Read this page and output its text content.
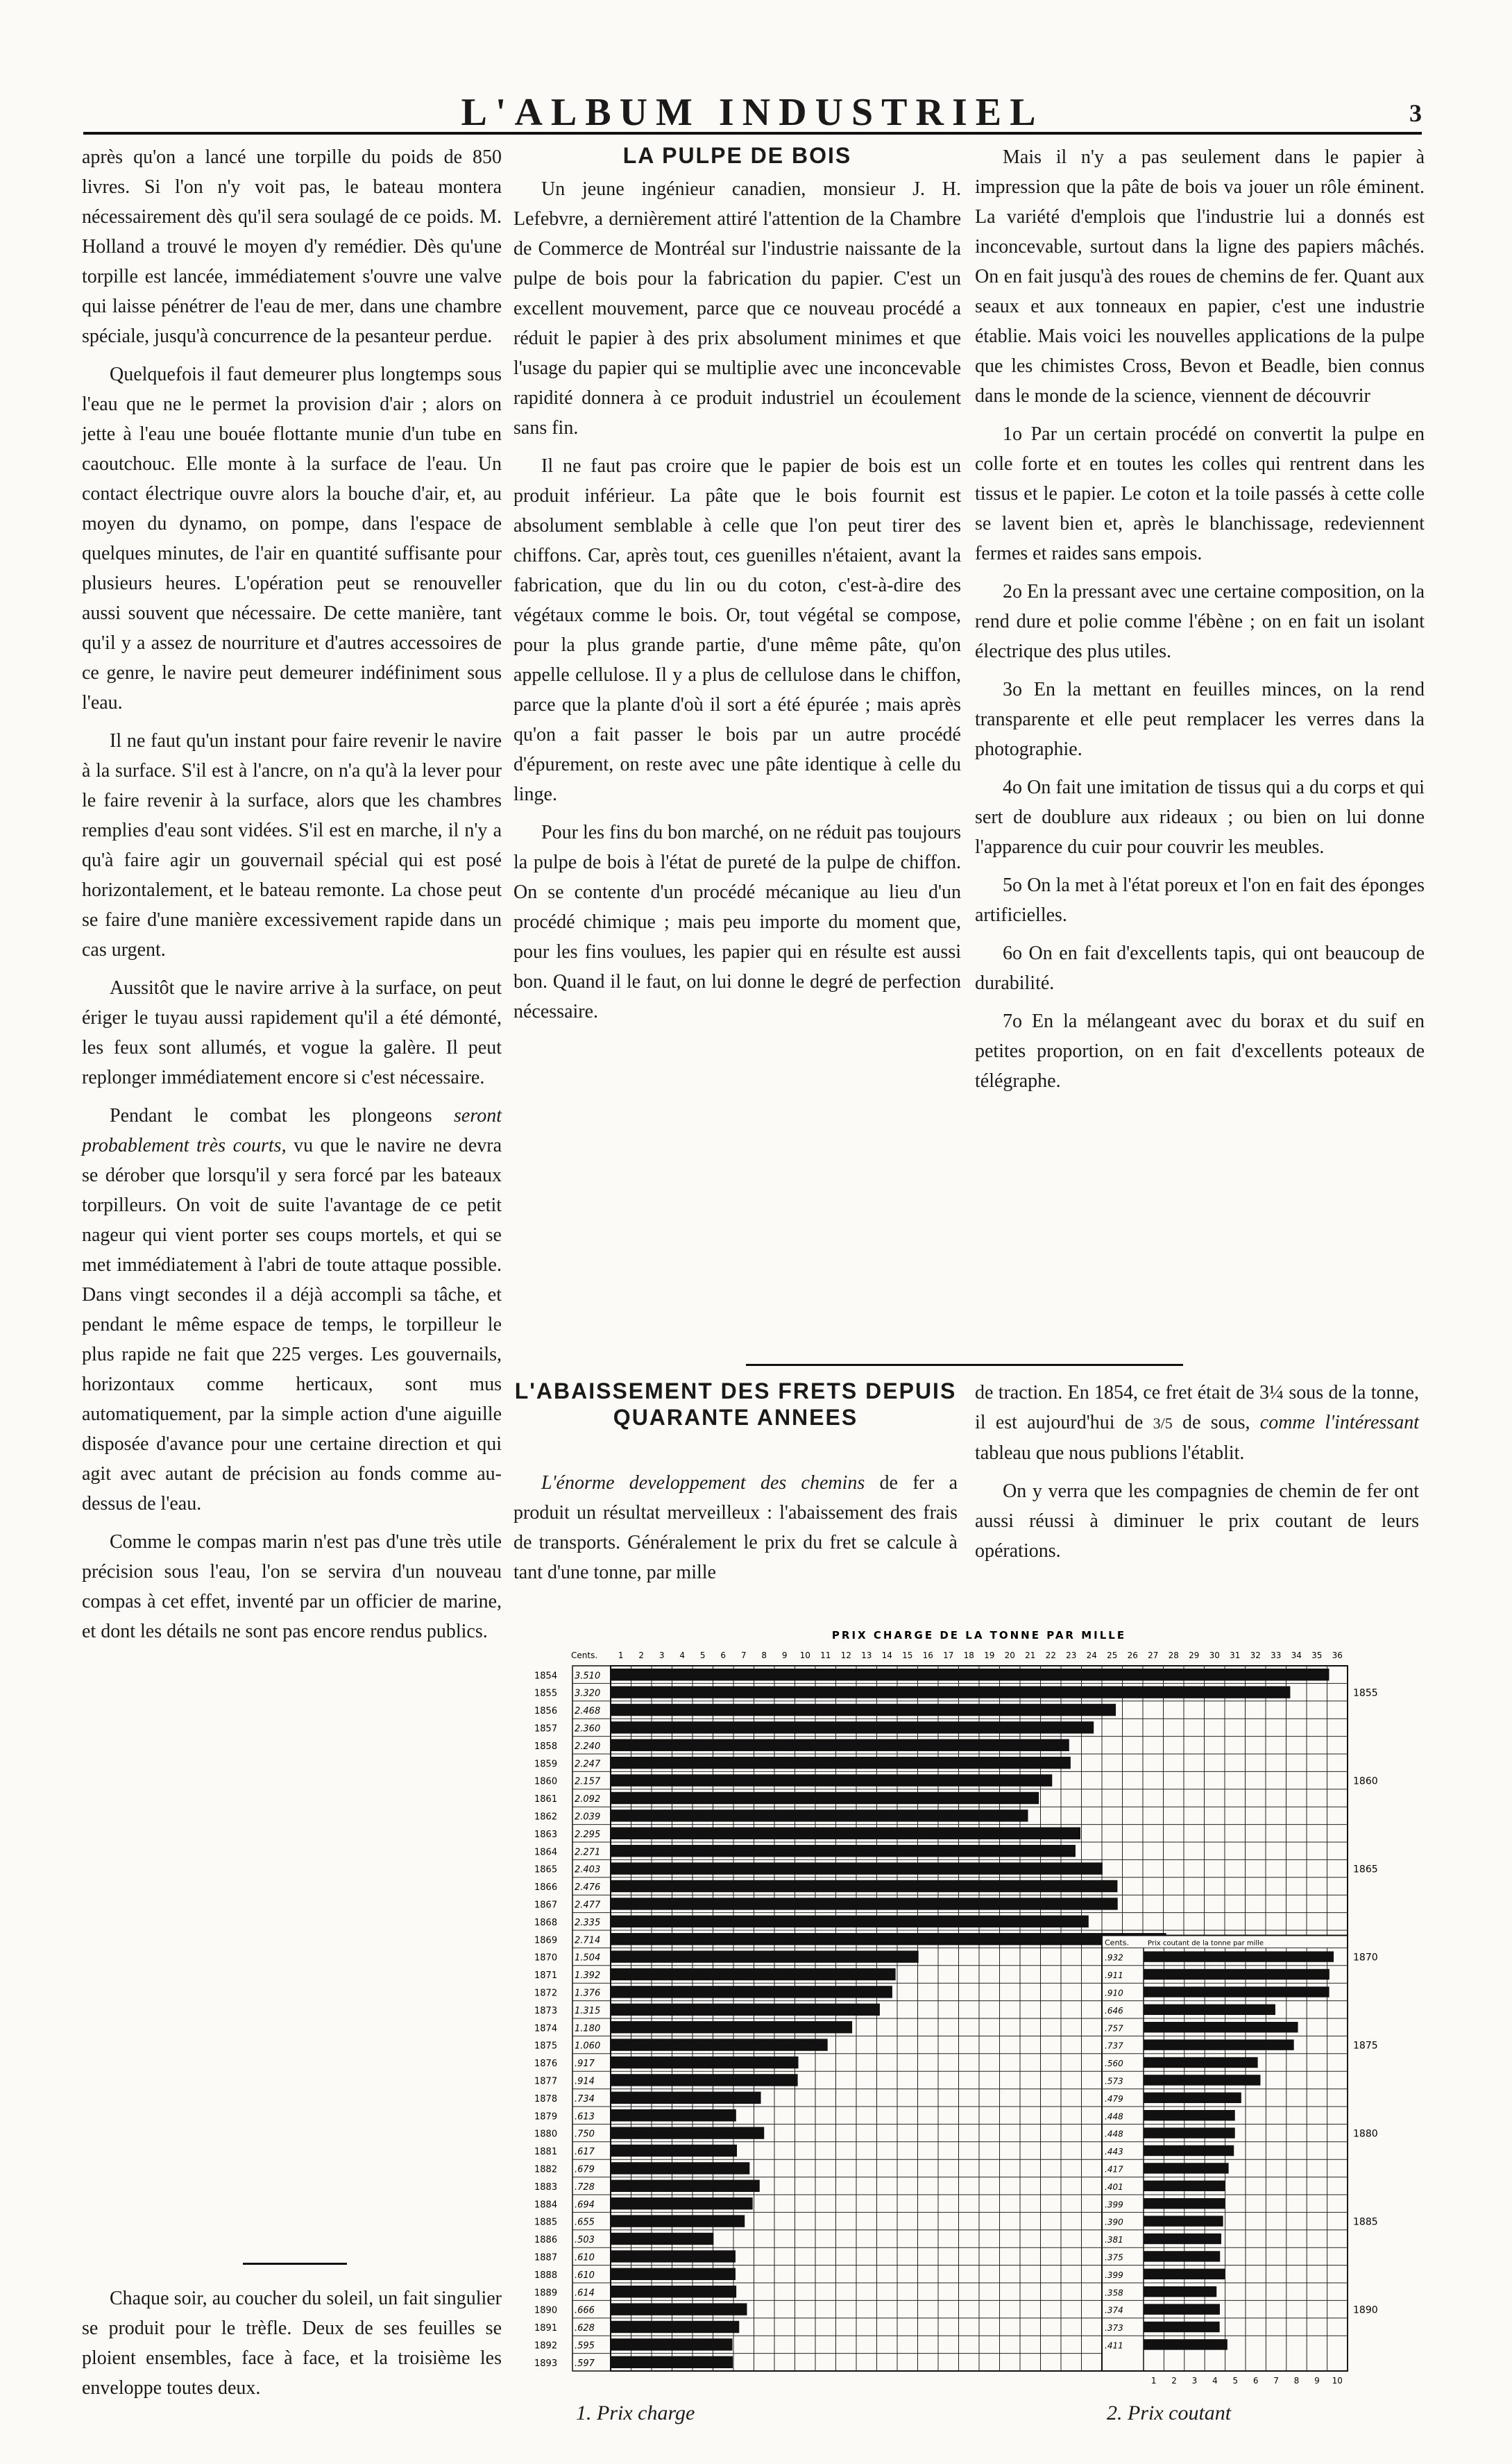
L'ALBUM INDUSTRIEL	3

après qu'on a lancé une torpille du poids de 850 livres. Si l'on n'y voit pas, le bateau montera nécessairement dès qu'il sera soulagé de ce poids. M. Holland a trouvé le moyen d'y remédier. Dès qu'une torpille est lancée, immédiatement s'ouvre une valve qui laisse pénétrer de l'eau de mer, dans une chambre spéciale, jusqu'à concurrence de la pesanteur perdue.

Quelquefois il faut demeurer plus longtemps sous l'eau que ne le permet la provision d'air ; alors on jette à l'eau une bouée flottante munie d'un tube en caoutchouc. Elle monte à la surface de l'eau. Un contact électrique ouvre alors la bouche d'air, et, au moyen du dynamo, on pompe, dans l'espace de quelques minutes, de l'air en quantité suffisante pour plusieurs heures. L'opération peut se renouveller aussi souvent que nécessaire. De cette manière, tant qu'il y a assez de nourriture et d'autres accessoires de ce genre, le navire peut demeurer indéfiniment sous l'eau.

Il ne faut qu'un instant pour faire revenir le navire à la surface. S'il est à l'ancre, on n'a qu'à la lever pour le faire revenir à la surface, alors que les chambres remplies d'eau sont vidées. S'il est en marche, il n'y a qu'à faire agir un gouvernail spécial qui est posé horizontalement, et le bateau remonte. La chose peut se faire d'une manière excessivement rapide dans un cas urgent.

Aussitôt que le navire arrive à la surface, on peut ériger le tuyau aussi rapidement qu'il a été démonté, les feux sont allumés, et vogue la galère. Il peut replonger immédiatement encore si c'est nécessaire.

Pendant le combat les plongeons seront probablement très courts, vu que le navire ne devra se dérober que lorsqu'il y sera forcé par les bateaux torpilleurs. On voit de suite l'avantage de ce petit nageur qui vient porter ses coups mortels, et qui se met immédiatement à l'abri de toute attaque possible. Dans vingt secondes il a déjà accompli sa tâche, et pendant le même espace de temps, le torpilleur le plus rapide ne fait que 225 verges. Les gouvernails, horizontaux comme herticaux, sont mus automatiquement, par la simple action d'une aiguille disposée d'avance pour une certaine direction et qui agit avec autant de précision au fonds comme au-dessus de l'eau.

Comme le compas marin n'est pas d'une très utile précision sous l'eau, l'on se servira d'un nouveau compas à cet effet, inventé par un officier de marine, et dont les détails ne sont pas encore rendus publics.

Chaque soir, au coucher du soleil, un fait singulier se produit pour le trèfle. Deux de ses feuilles se ploient ensembles, face à face, et la troisième les enveloppe toutes deux.

LA PULPE DE BOIS

Un jeune ingénieur canadien, monsieur J. H. Lefebvre, a dernièrement attiré l'attention de la Chambre de Commerce de Montréal sur l'industrie naissante de la pulpe de bois pour la fabrication du papier. C'est un excellent mouvement, parce que ce nouveau procédé a réduit le papier à des prix absolument minimes et que l'usage du papier qui se multiplie avec une inconcevable rapidité donnera à ce produit industriel un écoulement sans fin.

Il ne faut pas croire que le papier de bois est un produit inférieur. La pâte que le bois fournit est absolument semblable à celle que l'on peut tirer des chiffons. Car, après tout, ces guenilles n'étaient, avant la fabrication, que du lin ou du coton, c'est-à-dire des végétaux comme le bois. Or, tout végétal se compose, pour la plus grande partie, d'une même pâte, qu'on appelle cellulose. Il y a plus de cellulose dans le chiffon, parce que la plante d'où il sort a été épurée ; mais après qu'on a fait passer le bois par un autre procédé d'épurement, on reste avec une pâte identique à celle du linge.

Pour les fins du bon marché, on ne réduit pas toujours la pulpe de bois à l'état de pureté de la pulpe de chiffon. On se contente d'un procédé mécanique au lieu d'un procédé chimique ; mais peu importe du moment que, pour les fins voulues, les papier qui en résulte est aussi bon. Quand il le faut, on lui donne le degré de perfection nécessaire.

Mais il n'y a pas seulement dans le papier à impression que la pâte de bois va jouer un rôle éminent. La variété d'emplois que l'industrie lui a donnés est inconcevable, surtout dans la ligne des papiers mâchés. On en fait jusqu'à des roues de chemins de fer. Quant aux seaux et aux tonneaux en papier, c'est une industrie établie. Mais voici les nouvelles applications de la pulpe que les chimistes Cross, Bevon et Beadle, bien connus dans le monde de la science, viennent de découvrir

1o Par un certain procédé on convertit la pulpe en colle forte et en toutes les colles qui rentrent dans les tissus et le papier. Le coton et la toile passés à cette colle se lavent bien et, après le blanchissage, redeviennent fermes et raides sans empois.

2o En la pressant avec une certaine composition, on la rend dure et polie comme l'ébène ; on en fait un isolant électrique des plus utiles.

3o En la mettant en feuilles minces, on la rend transparente et elle peut remplacer les verres dans la photographie.

4o On fait une imitation de tissus qui a du corps et qui sert de doublure aux rideaux ; ou bien on lui donne l'apparence du cuir pour couvrir les meubles.

5o On la met à l'état poreux et l'on en fait des éponges artificielles.

6o On en fait d'excellents tapis, qui ont beaucoup de durabilité.

7o En la mélangeant avec du borax et du suif en petites proportion, on en fait d'excellents poteaux de télégraphe.

L'ABAISSEMENT DES FRETS DEPUIS QUARANTE ANNEES

L'énorme developpement des chemins de fer a produit un résultat merveilleux : l'abaissement des frais de transports. Généralement le prix du fret se calcule à tant d'une tonne, par mille

de traction. En 1854, ce fret était de 3¼ sous de la tonne, il est aujourd'hui de 3/5 de sous, comme l'intéressant tableau que nous publions l'établit.

On y verra que les compagnies de chemin de fer ont aussi réussi à diminuer le prix coutant de leurs opérations.

PRIX CHARGE DE LA TONNE PAR MILLE
Cents. 1 2 3 4 5 6 7 8 9 10 11 12 13 14 15 16 17 18 19 20 21 22 23 24 25 26 27 28 29 30 31 32 33 34 35 36
1854 3.510
1855 3.320
1856 2.468
1857 2.360
1858 2.240
1859 2.247
1860 2.157
1861 2.092
1862 2.039
1863 2.295
1864 2.271
1865 2.403
1866 2.476
1867 2.477
1868 2.335
1869 2.714
1870 1.504
1871 1.392
1872 1.376
1873 1.315
1874 1.180
1875 1.060
1876 .917
1877 .914
1878 .734
1879 .613
1880 .750
1881 .617
1882 .679
1883 .728
1884 .694
1885 .655
1886 .503
1887 .610
1888 .610
1889 .614
1890 .666
1891 .628
1892 .595
1893 .597
1855
1860
1865
1870
1875
1880
1885
1890
Cents.	Prix coutant de la tonne par mille
.932
.911
.910
.646
.757
.737
.560
.573
.479
.448
.448
.443
.417
.401
.399
.390
.381
.375
.399
.358
.374
.373
.411
1 2 3 4 5 6 7 8 9 10
1. Prix charge	2. Prix coutant
